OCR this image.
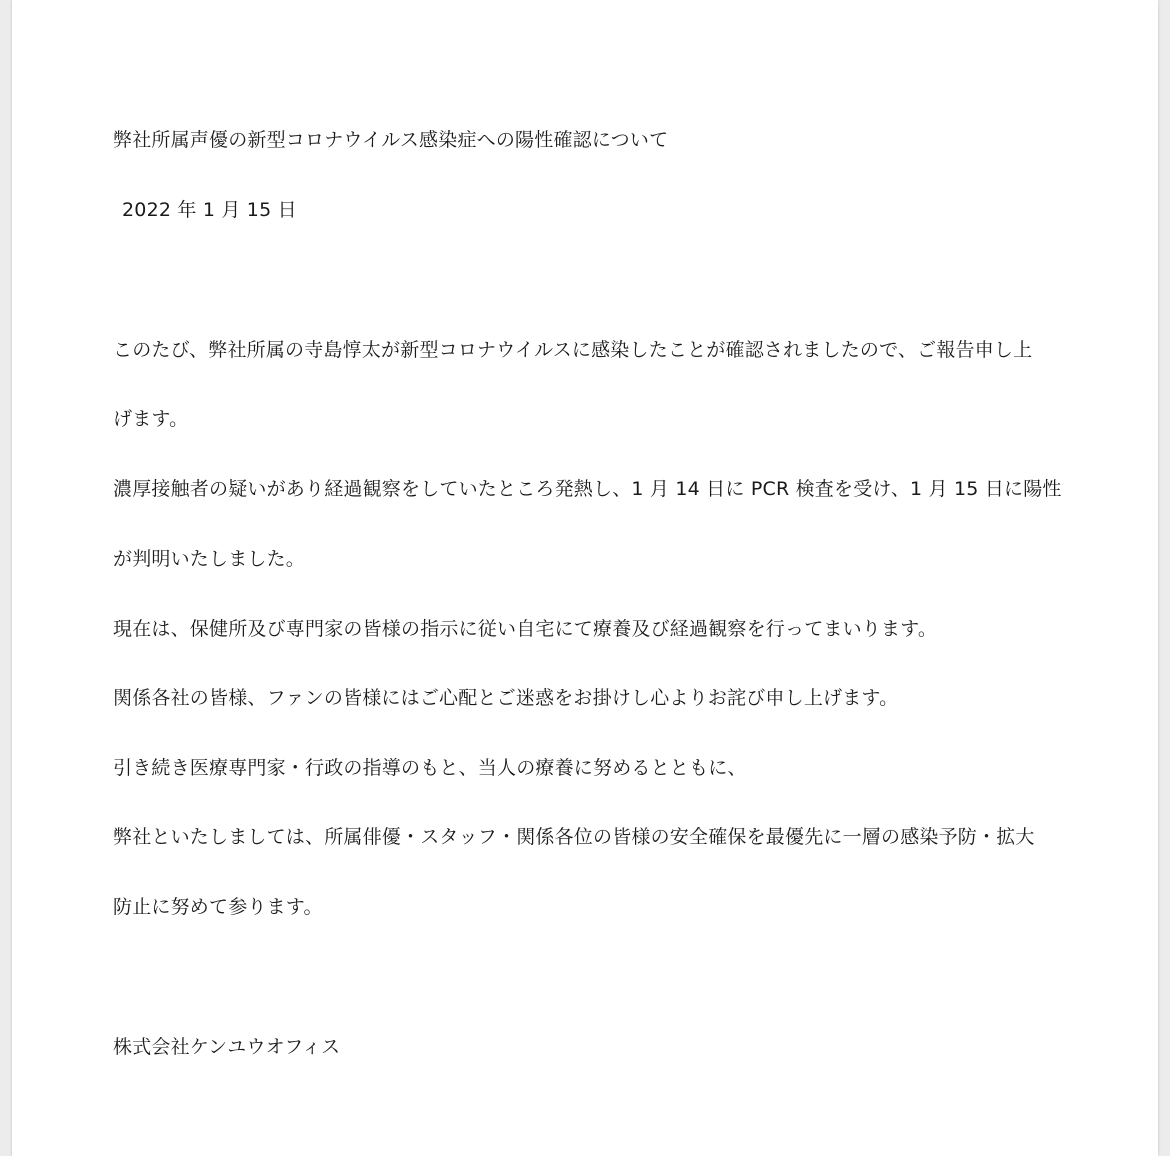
弊社所属声優の新型コロナウイルス感染症への陽性確認について

2022 年 1 月 15 日

このたび、弊社所属の寺島惇太が新型コロナウイルスに感染したことが確認されましたので、ご報告申し上

げます。

濃厚接触者の疑いがあり経過観察をしていたところ発熱し、1 月 14 日に PCR 検査を受け、1 月 15 日に陽性

が判明いたしました。

現在は、保健所及び専門家の皆様の指示に従い自宅にて療養及び経過観察を行ってまいります。

関係各社の皆様、ファンの皆様にはご心配とご迷惑をお掛けし心よりお詫び申し上げます。

引き続き医療専門家・行政の指導のもと、当人の療養に努めるとともに、

弊社といたしましては、所属俳優・スタッフ・関係各位の皆様の安全確保を最優先に一層の感染予防・拡大

防止に努めて参ります。

株式会社ケンユウオフィス
